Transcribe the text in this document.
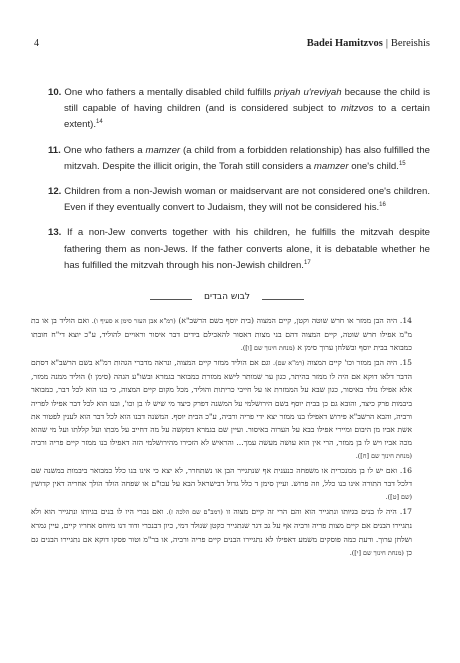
4	Badei Hamitzvos | Bereishis

10. One who fathers a mentally disabled child fulfills priyah u'reviyah because the child is still capable of having children (and is considered subject to mitzvos to a certain extent).$^{14}$

11. One who fathers a mamzer (a child from a forbidden relationship) has also fulfilled the mitzvah. Despite the illicit origin, the Torah still considers a mamzer one's child.$^{15}$

12. Children from a non-Jewish woman or maidservant are not considered one's children. Even if they eventually convert to Judaism, they will not be considered his.$^{16}$

13. If a non-Jew converts together with his children, he fulfills the mitzvah despite fathering them as non-Jews. If the father converts alone, it is debatable whether he has fulfilled the mitzvah through his non-Jewish children.$^{17}$

לבוש הבדים

14. היה הבן ממזר או חרש שוטה וקטן, קיים המצוה (בית יוסף בשם הרשב"א) (רמ"א אבן העזר סימן א סעיף ו). ואם הוליד בן או בת מ"מ אפילו חרש שוטה, קיים המצוה דהם בני מצות דאסור להאכילם בידים דבר איסור וראויים להוליד, ע"כ יוצא די"ח חובתו כמבואר בבית יוסף ובשלחן ערוך סימן א (מנחת חינוך שם [ו]).

15. היה הבן ממזר וכו' קיים המצוה (רמ"א שם). וגם אם הוליד ממזר קיים המצוה, ונראה מדברי הגהות רמ"א בשם הרשב"א דסתם הדבר דלאו דוקא אם היה לו ממזר בהיתר, כגון ער שמותר לישא ממזרת כמבואר בגמרא ובשו"ע הגהה (סימן ו) הוליד ממנה ממזר, אלא אפילו נולד באיסור, כגון שבא על הממזרת או על חייבי כריתות והוליד, מכל מקום קיים המצוה, כי בנו הוא לכל דבר, כמבואר ביבמות פרק כיצד, והובא גם כן בבית יוסף בשם הירושלמי על המשנה דפרק כיצד מי שיש לו בן וכו', ובנו הוא לכל דבר אפילו לפריה ורביה, והבא הרשב"א פירוש דאפילו בנו ממזר יצא ידי פריה ורביה, ע"כ הבית יוסף. המשנה דבנו הוא לכל דבר הוא לענין לפטור את אשת אביו מן היבום ומיירי אפילו בבא על הערוה באיסור. ועיין שם בגמרא דמקשה על מה דחייב על מכתו ועל קללתו ועל מי שהוא מכה אביו ויש לו בן ממזר, הרי אין הוא עושה מעשה עמך... והראיש לא הזכירו מהירושלמי הזה דאפילו בנו ממזר קיים פריה ורביה (מנחת חינוך שם [ח]).

16. ואם יש לו בן ממנכרית או משפחה כנענית אף שנתגייר הבן או נשתחרר, לא יצא כי אינו בנו כלל כמבואר ביבמות במשנה שם דלכל דבר התורה אינו בנו כלל, וזה פרוש. ועיין סימן ד כלל גדול דבישראל הבא על עכו"ם או שפחה הולד הולך אחריה דאין קדושין (שם [ט]).

17. היה לו בנים בגיותו ונתגייר הוא והם הרי זה קיים מצוה זו (רמב"ם שם הלכה ז). ואם נכרי היו לו בנים בגיותו ונתגייר הוא ולא נתגיירו הבנים אם קיים מצות פריה ורביה אף על גב דגר שנתגייר כקטן שנולד דמי, כיון דבנכרי ודוד דנו מיוחס אחריו קיים, עיין גמרא ושלחן ערוך. ודעת כמה פוסקים משמע דאפילו לא נתגיירו הבנים קיים פריה ורביה, או בר"מ וטור פסקו דוקא אם נתגיירו הבנים גם כן (מנחת חינוך שם [י]).
